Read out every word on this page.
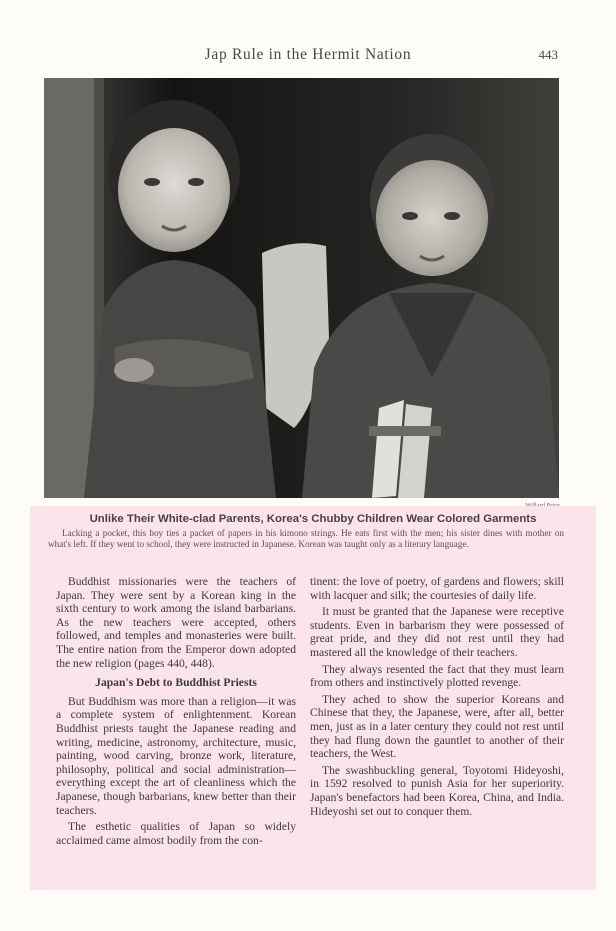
Jap Rule in the Hermit Nation	443
Unlike Their White-clad Parents, Korea's Chubby Children Wear Colored Garments
Lacking a pocket, this boy ties a packet of papers in his kimono strings. He eats first with the men; his sister dines with mother on what's left. If they went to school, they were instructed in Japanese. Korean was taught only as a literary language.

Buddhist missionaries were the teachers of Japan. They were sent by a Korean king in the sixth century to work among the island barbarians. As the new teachers were accepted, others followed, and temples and monasteries were built. The entire nation from the Emperor down adopted the new religion (pages 440, 448).

Japan's Debt to Buddhist Priests

But Buddhism was more than a religion—it was a complete system of enlightenment. Korean Buddhist priests taught the Japanese reading and writing, medicine, astronomy, architecture, music, painting, wood carving, bronze work, literature, philosophy, political and social administration—everything except the art of cleanliness which the Japanese, though barbarians, knew better than their teachers.

The esthetic qualities of Japan so widely acclaimed came almost bodily from the con-

tinent: the love of poetry, of gardens and flowers; skill with lacquer and silk; the courtesies of daily life.

It must be granted that the Japanese were receptive students. Even in barbarism they were possessed of great pride, and they did not rest until they had mastered all the knowledge of their teachers.

They always resented the fact that they must learn from others and instinctively plotted revenge.

They ached to show the superior Koreans and Chinese that they, the Japanese, were, after all, better men, just as in a later century they could not rest until they had flung down the gauntlet to another of their teachers, the West.

The swashbuckling general, Toyotomi Hideyoshi, in 1592 resolved to punish Asia for her superiority. Japan's benefactors had been Korea, China, and India. Hideyoshi set out to conquer them.
